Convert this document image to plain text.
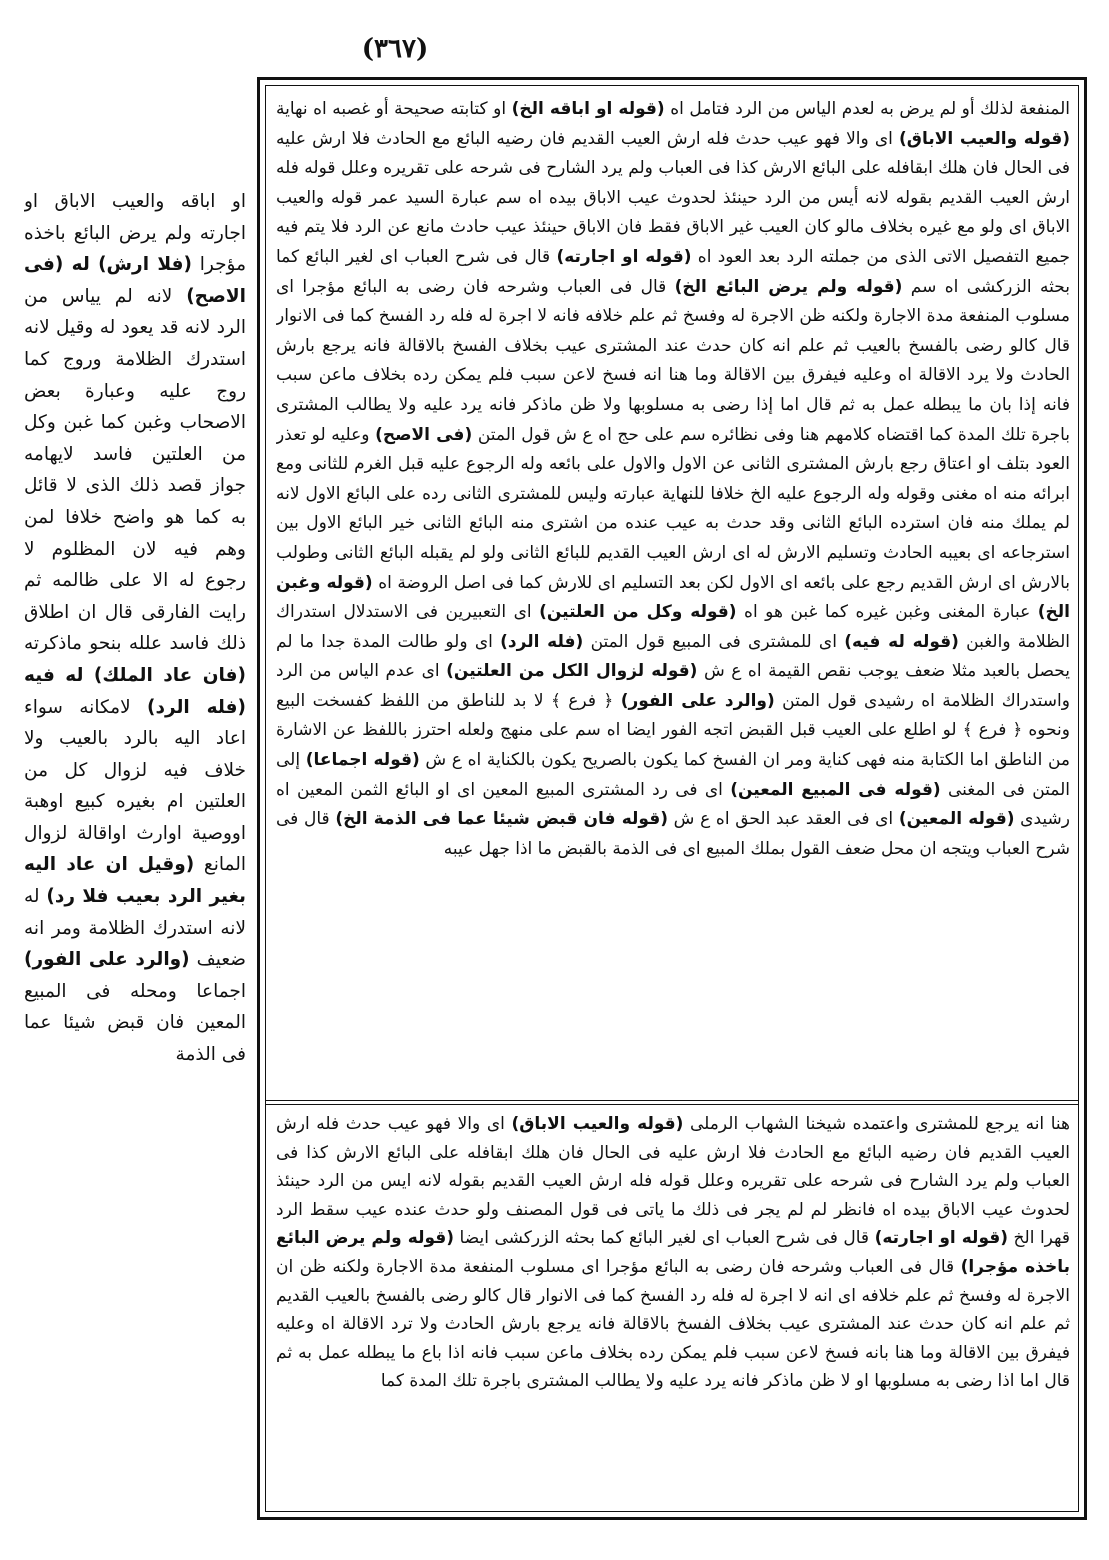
(٣٦٧)

المنفعة لذلك أو لم يرض به لعدم الياس من الرد فتامل اه (قوله او اباقه الخ) او كتابته صحيحة أو غصبه اه نهاية (قوله والعيب الاباق) اى والا فهو عيب حدث فله ارش العيب القديم فان رضيه البائع مع الحادث فلا ارش عليه فى الحال فان هلك ابقافله على البائع الارش كذا فى العباب ولم يرد الشارح فى شرحه على تقريره وعلل قوله فله ارش العيب القديم بقوله لانه أيس من الرد حينئذ لحدوث عيب الاباق بيده اه سم عبارة السيد عمر قوله والعيب الاباق اى ولو مع غيره بخلاف مالو كان العيب غير الاباق فقط فان الاباق حينئذ عيب حادث مانع عن الرد فلا يتم فيه جميع التفصيل الاتى الذى من جملته الرد بعد العود اه (قوله او اجارته) قال فى شرح العباب اى لغير البائع كما بحثه الزركشى اه سم (قوله ولم يرض البائع الخ) قال فى العباب وشرحه فان رضى به البائع مؤجرا اى مسلوب المنفعة مدة الاجارة ولكنه ظن الاجرة له وفسخ ثم علم خلافه فانه لا اجرة له فله رد الفسخ كما فى الانوار قال كالو رضى بالفسخ بالعيب ثم علم انه كان حدث عند المشترى عيب بخلاف الفسخ بالاقالة فانه يرجع بارش الحادث ولا يرد الاقالة اه وعليه فيفرق بين الاقالة وما هنا انه فسخ لاعن سبب فلم يمكن رده بخلاف ماعن سبب فانه إذا بان ما يبطله عمل به ثم قال اما إذا رضى به مسلوبها ولا ظن ماذكر فانه يرد عليه ولا يطالب المشترى باجرة تلك المدة كما اقتضاه كلامهم هنا وفى نظائره سم على حج اه ع ش قول المتن (فى الاصح) وعليه لو تعذر العود بتلف او اعتاق رجع بارش المشترى الثانى عن الاول والاول على بائعه وله الرجوع عليه قبل الغرم للثانى ومع ابرائه منه اه مغنى وقوله وله الرجوع عليه الخ خلافا للنهاية عبارته وليس للمشترى الثانى رده على البائع الاول لانه لم يملك منه فان استرده البائع الثانى وقد حدث به عيب عنده من اشترى منه البائع الثانى خير البائع الاول بين استرجاعه اى بعيبه الحادث وتسليم الارش له اى ارش العيب القديم للبائع الثانى ولو لم يقبله البائع الثانى وطولب بالارش اى ارش القديم رجع على بائعه اى الاول لكن بعد التسليم اى للارش كما فى اصل الروضة اه (قوله وغبن الخ) عبارة المغنى وغبن غيره كما غبن هو اه (قوله وكل من العلتين) اى التعبيرين فى الاستدلال استدراك الظلامة والغبن (قوله له فيه) اى للمشترى فى المبيع قول المتن (فله الرد) اى ولو طالت المدة جدا ما لم يحصل بالعبد مثلا ضعف يوجب نقص القيمة اه ع ش (قوله لزوال الكل من العلتين) اى عدم الياس من الرد واستدراك الظلامة اه رشيدى قول المتن (والرد على الفور) ﴿ فرع ﴾ لا بد للناطق من اللفظ كفسخت البيع ونحوه ﴿ فرع ﴾ لو اطلع على العيب قبل القبض اتجه الفور ايضا اه سم على منهج ولعله احترز باللفظ عن الاشارة من الناطق اما الكتابة منه فهى كناية ومر ان الفسخ كما يكون بالصريح يكون بالكناية اه ع ش (قوله اجماعا) إلى المتن فى المغنى (قوله فى المبيع المعين) اى فى رد المشترى المبيع المعين اى او البائع الثمن المعين اه رشيدى (قوله المعين) اى فى العقد عبد الحق اه ع ش (قوله فان قبض شيئا عما فى الذمة الخ) قال فى شرح العباب ويتجه ان محل ضعف القول بملك المبيع اى فى الذمة بالقبض ما اذا جهل عيبه

هنا انه يرجع للمشترى واعتمده شيخنا الشهاب الرملى (قوله والعيب الاباق) اى والا فهو عيب حدث فله ارش العيب القديم فان رضيه البائع مع الحادث فلا ارش عليه فى الحال فان هلك ابقافله على البائع الارش كذا فى العباب ولم يرد الشارح فى شرحه على تقريره وعلل قوله فله ارش العيب القديم بقوله لانه ايس من الرد حينئذ لحدوث عيب الاباق بيده اه فانظر لم لم يجر فى ذلك ما ياتى فى قول المصنف ولو حدث عنده عيب سقط الرد قهرا الخ (قوله او اجارته) قال فى شرح العباب اى لغير البائع كما بحثه الزركشى ايضا (قوله ولم يرض البائع باخذه مؤجرا) قال فى العباب وشرحه فان رضى به البائع مؤجرا اى مسلوب المنفعة مدة الاجارة ولكنه ظن ان الاجرة له وفسخ ثم علم خلافه اى انه لا اجرة له فله رد الفسخ كما فى الانوار قال كالو رضى بالفسخ بالعيب القديم ثم علم انه كان حدث عند المشترى عيب بخلاف الفسخ بالاقالة فانه يرجع بارش الحادث ولا ترد الاقالة اه وعليه فيفرق بين الاقالة وما هنا بانه فسخ لاعن سبب فلم يمكن رده بخلاف ماعن سبب فانه اذا باع ما يبطله عمل به ثم قال اما اذا رضى به مسلوبها او لا ظن ماذكر فانه يرد عليه ولا يطالب المشترى باجرة تلك المدة كما

او اباقه والعيب الاباق او اجارته ولم يرض البائع باخذه مؤجرا (فلا ارش) له (فى الاصح) لانه لم يياس من الرد لانه قد يعود له وقيل لانه استدرك الظلامة وروج كما روج عليه وعبارة بعض الاصحاب وغبن كما غبن وكل من العلتين فاسد لايهامه جواز قصد ذلك الذى لا قائل به كما هو واضح خلافا لمن وهم فيه لان المظلوم لا رجوع له الا على ظالمه ثم رايت الفارقى قال ان اطلاق ذلك فاسد علله بنحو ماذكرته (فان عاد الملك) له فيه (فله الرد) لامكانه سواء اعاد اليه بالرد بالعيب ولا خلاف فيه لزوال كل من العلتين ام بغيره كبيع اوهبة اووصية اوارث اواقالة لزوال المانع (وقيل ان عاد اليه بغير الرد بعيب فلا رد) له لانه استدرك الظلامة ومر انه ضعيف (والرد على الفور) اجماعا ومحله فى المبيع المعين فان قبض شيئا عما فى الذمة
